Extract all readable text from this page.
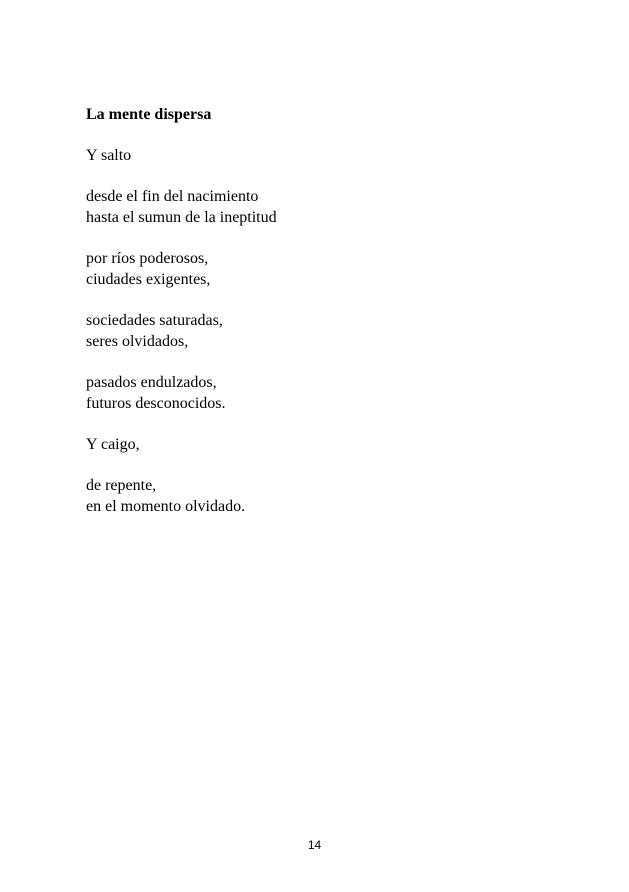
La mente dispersa
Y salto
desde el fin del nacimiento
hasta el sumun de la ineptitud
por ríos poderosos,
ciudades exigentes,
sociedades saturadas,
seres olvidados,
pasados endulzados,
futuros desconocidos.
Y caigo,
de repente,
en el momento olvidado.
14
